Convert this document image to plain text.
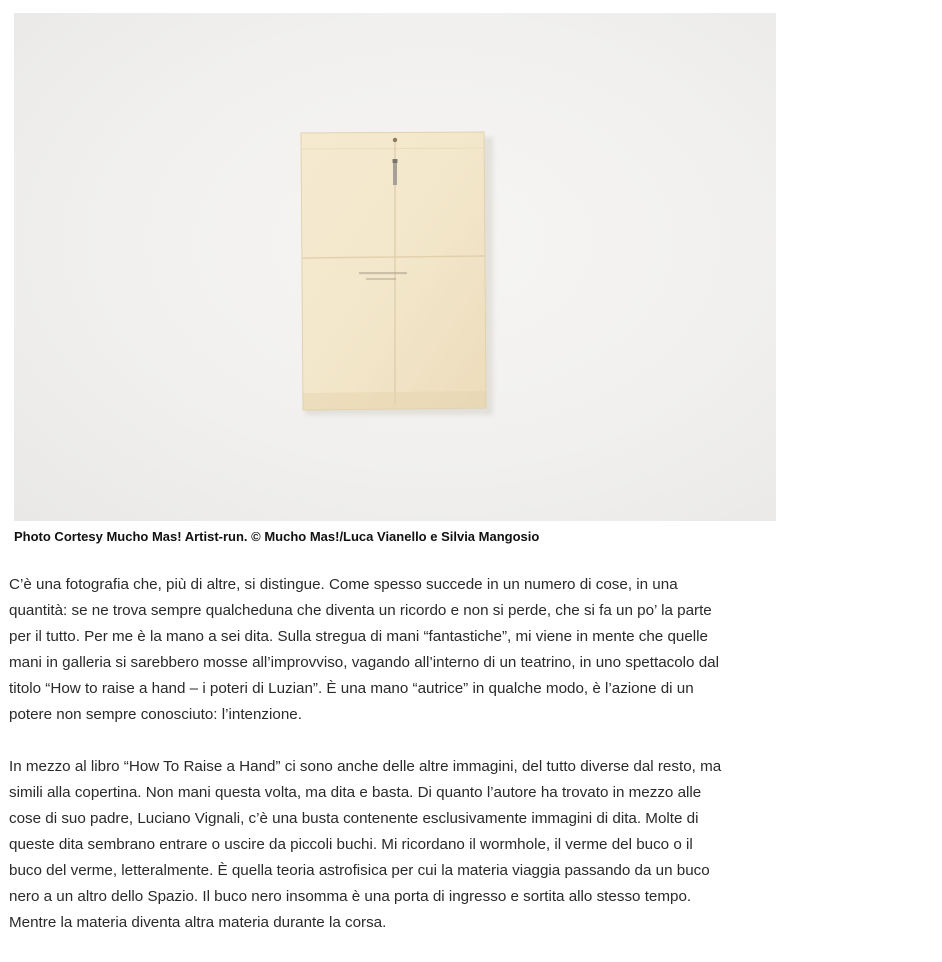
Photo Cortesy Mucho Mas! Artist-run. © Mucho Mas!/Luca Vianello e Silvia Mangosio

C’è una fotografia che, più di altre, si distingue. Come spesso succede in un numero di cose, in una
quantità: se ne trova sempre qualcheduna che diventa un ricordo e non si perde, che si fa un po’ la parte
per il tutto. Per me è la mano a sei dita. Sulla stregua di mani “fantastiche”, mi viene in mente che quelle
mani in galleria si sarebbero mosse all’improvviso, vagando all’interno di un teatrino, in uno spettacolo dal
titolo “How to raise a hand – i poteri di Luzian”. È una mano “autrice” in qualche modo, è l’azione di un
potere non sempre conosciuto: l’intenzione.

In mezzo al libro “How To Raise a Hand” ci sono anche delle altre immagini, del tutto diverse dal resto, ma
simili alla copertina. Non mani questa volta, ma dita e basta. Di quanto l’autore ha trovato in mezzo alle
cose di suo padre, Luciano Vignali, c’è una busta contenente esclusivamente immagini di dita. Molte di
queste dita sembrano entrare o uscire da piccoli buchi. Mi ricordano il wormhole, il verme del buco o il
buco del verme, letteralmente. È quella teoria astrofisica per cui la materia viaggia passando da un buco
nero a un altro dello Spazio. Il buco nero insomma è una porta di ingresso e sortita allo stesso tempo.
Mentre la materia diventa altra materia durante la corsa.
